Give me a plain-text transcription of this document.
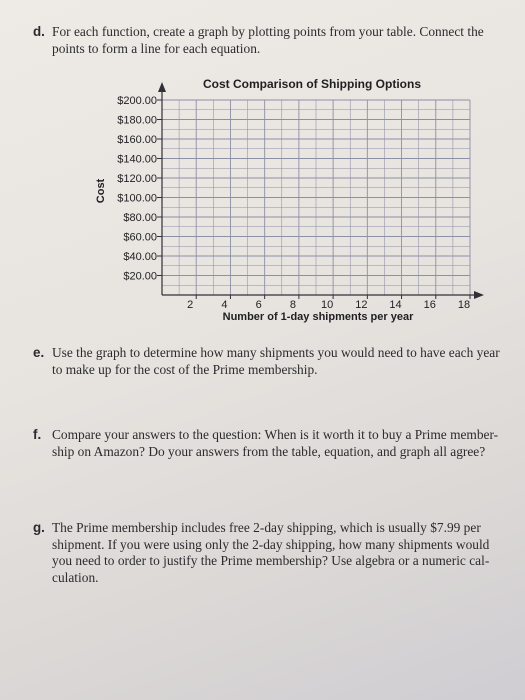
d. For each function, create a graph by plotting points from your table. Connect the points to form a line for each equation.
$20.00
$40.00
$60.00
$80.00
$100.00
$120.00
$140.00
$160.00
$180.00
$200.00
2	4	6	8 10 12 14 16 18
Cost Comparison of Shipping Options
Number of 1-day shipments per year
Cost
e. Use the graph to determine how many shipments you would need to have each year to make up for the cost of the Prime membership.
f. Compare your answers to the question: When is it worth it to buy a Prime member-ship on Amazon? Do your answers from the table, equation, and graph all agree?
g. The Prime membership includes free 2-day shipping, which is usually $7.99 per shipment. If you were using only the 2-day shipping, how many shipments would you need to order to justify the Prime membership? Use algebra or a numeric cal-culation.
